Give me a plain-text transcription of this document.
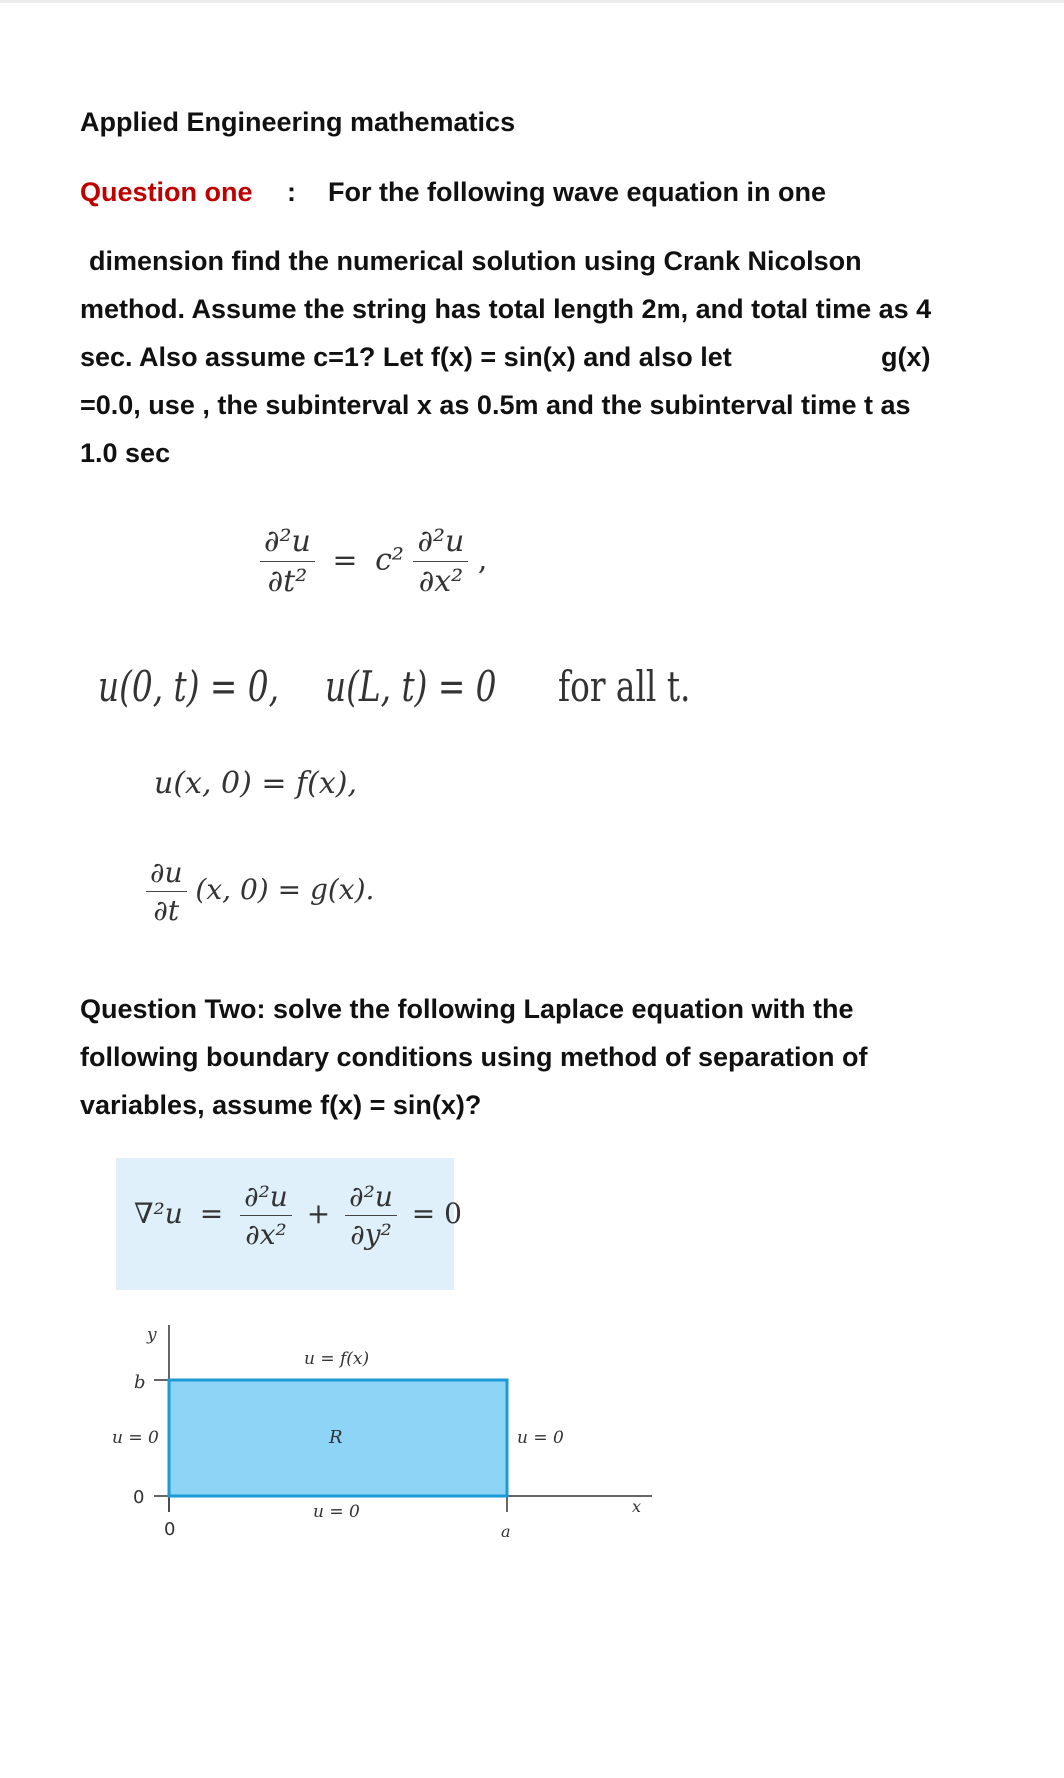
Applied Engineering mathematics
Question one : For the following wave equation in one
dimension find the numerical solution using Crank Nicolson
method. Assume the string has total length 2m, and total time as 4
sec. Also assume c=1? Let f(x) = sin(x) and also let	g(x)
=0.0, use , the subinterval x as 0.5m and the subinterval time t as
1.0 sec
$\frac{\text{∂²u}}{\text{∂t²}} = c^2 \frac{\text{∂²u}}{\text{∂x²}}$ ,
u(0, t) = 0, u(L, t) = 0 for all t.
u(x, 0) = f(x),
$\frac{\partial u}{\partial t} (x$, 0) = g(x).
Question Two: solve the following Laplace equation with the
following boundary conditions using method of separation of
variables, assume f(x) = sin(x)?
$\nabla^2u = \frac{\text{∂²u}}{\text{∂x²}} + \frac{\text{∂²u}}{\text{∂y²}} = 0$
y
b
u = 0
0
0
u = f(x)
R	u = 0
u = 0
a
x
